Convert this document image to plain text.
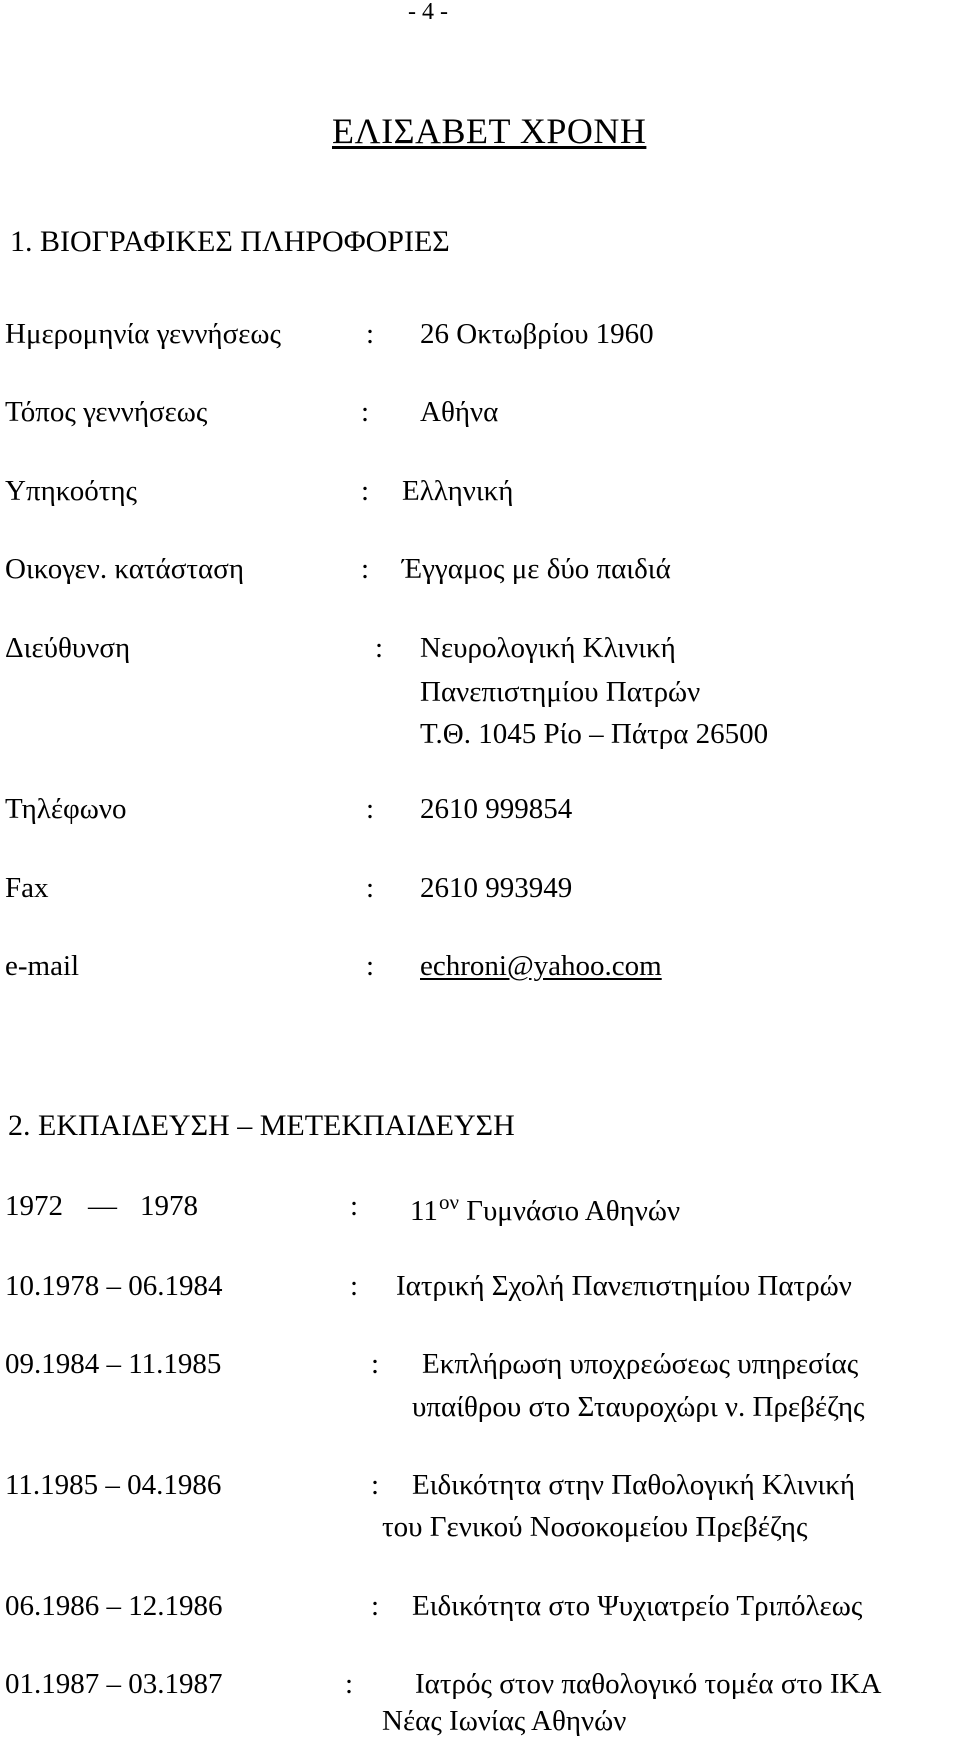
- 4 -
ΕΛΙΣΑΒΕΤ ΧΡΟΝΗ
1. ΒΙΟΓΡΑΦΙΚΕΣ ΠΛΗΡΟΦΟΡΙΕΣ
Ημερομηνία γεννήσεως	: 26 Οκτωβρίου 1960
Τόπος γεννήσεως	: Αθήνα
Υπηκοότης	: Ελληνική
Οικογεν. κατάσταση	: Έγγαμος με δύο παιδιά
Διεύθυνση	: Νευρολογική Κλινική
Πανεπιστημίου Πατρών
Τ.Θ. 1045 Ρίο – Πάτρα 26500
Τηλέφωνο	: 2610 999854
Fax	: 2610 993949
e-mail	: echroni@yahoo.com
2. ΕΚΠΑΙΔΕΥΣΗ – ΜΕΤΕΚΠΑΙΔΕΥΣΗ
1972 — 1978	: $11^{o\nu}$ Γυμνάσιο Αθηνών
10.1978 – 06.1984	: Ιατρική Σχολή Πανεπιστημίου Πατρών
09.1984 – 11.1985	: Εκπλήρωση υποχρεώσεως υπηρεσίας
υπαίθρου στο Σταυροχώρι ν. Πρεβέζης
11.1985 – 04.1986	: Ειδικότητα στην Παθολογική Κλινική
του Γενικού Νοσοκομείου Πρεβέζης
06.1986 – 12.1986	: Ειδικότητα στο Ψυχιατρείο Τριπόλεως
01.1987 – 03.1987	: Ιατρός στον παθολογικό τομέα στο ΙΚΑ
Νέας Ιωνίας Αθηνών
